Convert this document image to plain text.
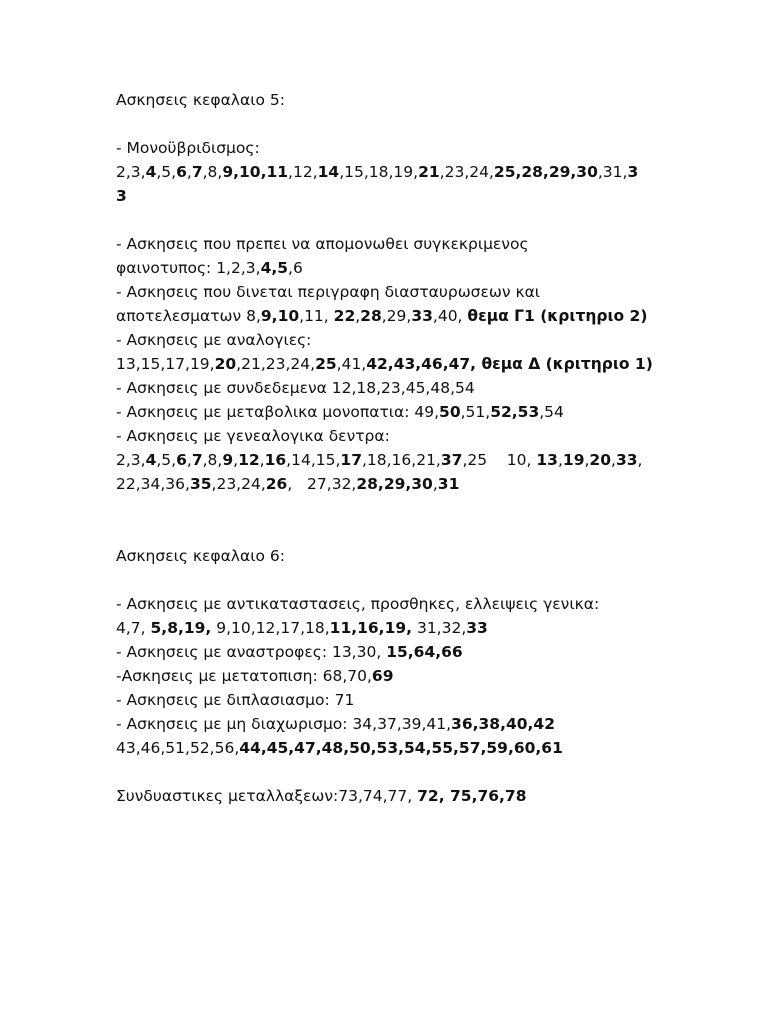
Ασκησεις κεφαλαιο 5:
- Μονοϋβριδισμος:
2,3,4,5,6,7,8,9,10,11,12,14,15,18,19,21,23,24,25,28,29,30,31,3
3

- Ασκησεις που πρεπει να απομονωθει συγκεκριμενος
φαινοτυπος: 1,2,3,4,5,6
- Ασκησεις που δινεται περιγραφη διασταυρωσεων και
αποτελεσματων 8,9,10,11, 22,28,29,33,40, θεμα Γ1 (κριτηριο 2)
- Ασκησεις με αναλογιες:
13,15,17,19,20,21,23,24,25,41,42,43,46,47, θεμα Δ (κριτηριο 1)
- Ασκησεις με συνδεδεμενα 12,18,23,45,48,54
- Ασκησεις με μεταβολικα μονοπατια: 49,50,51,52,53,54
- Ασκησεις με γενεαλογικα δεντρα:
2,3,4,5,6,7,8,9,12,16,14,15,17,18,16,21,37,25    10, 13,19,20,33,
22,34,36,35,23,24,26,   27,32,28,29,30,31
Ασκησεις κεφαλαιο 6:
- Ασκησεις με αντικαταστασεις, προσθηκες, ελλειψεις γενικα:
4,7, 5,8,19, 9,10,12,17,18,11,16,19, 31,32,33
- Ασκησεις με αναστροφες: 13,30, 15,64,66
-Ασκησεις με μετατοπιση: 68,70,69
- Ασκησεις με διπλασιασμο: 71
- Ασκησεις με μη διαχωρισμο: 34,37,39,41,36,38,40,42
43,46,51,52,56,44,45,47,48,50,53,54,55,57,59,60,61

Συνδυαστικες μεταλλαξεων:73,74,77, 72, 75,76,78
